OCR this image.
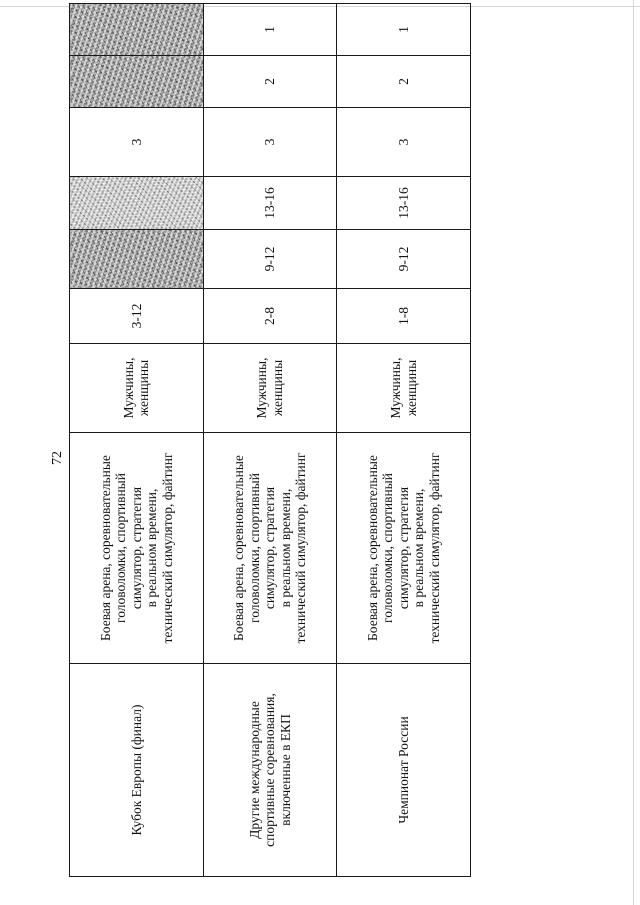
72
Кубок Европы (финал)	Боевая арена, соревновательные
головоломки, спортивный
симулятор, стратегия
в реальном времени,
технический симулятор, файтинг	Мужчины,
женщины	3-12			3		
Другие международные
спортивные соревнования,
включенные в ЕКП	Боевая арена, соревновательные
головоломки, спортивный
симулятор, стратегия
в реальном времени,
технический симулятор, файтинг	Мужчины,
женщины	2-8	9-12	13-16	3	2	1
Чемпионат России	Боевая арена, соревновательные
головоломки, спортивный
симулятор, стратегия
в реальном времени,
технический симулятор, файтинг	Мужчины,
женщины	1-8	9-12	13-16	3	2	1
